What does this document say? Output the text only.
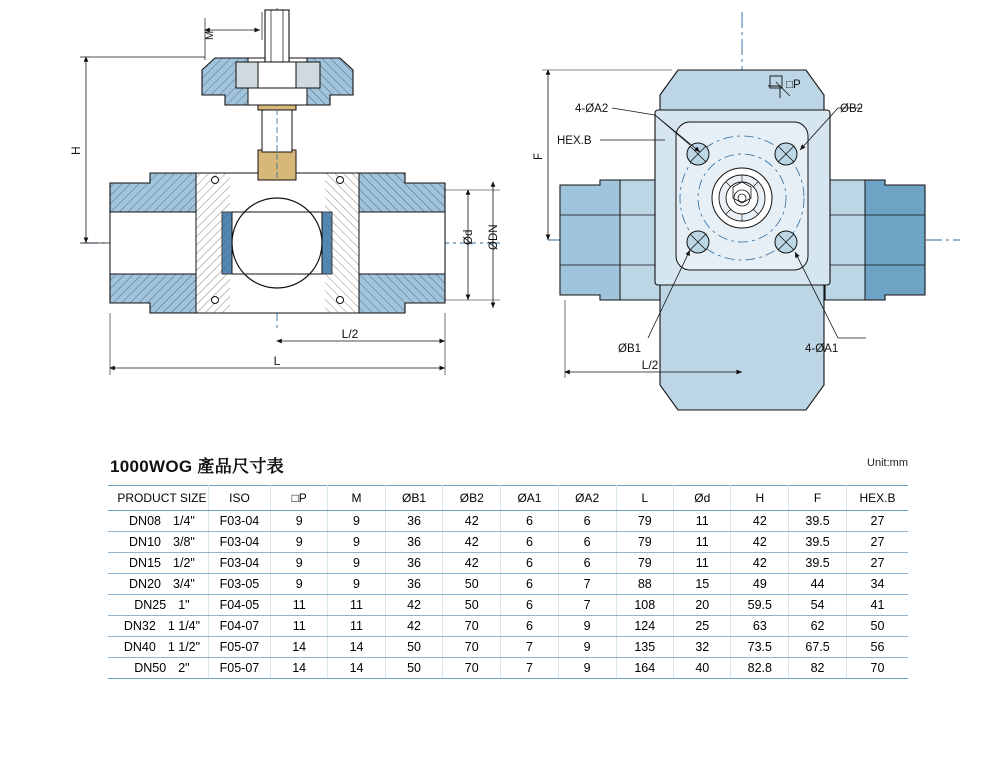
M
H
Ød ØDN
L/2
L
4-ØA2
HEX.B
ØB2
ØB1	4-ØA1
□P
F
L/2
1000WOG 產品尺寸表	Unit:mm
PRODUCT SIZE	ISO	□P	M	ØB1	ØB2	ØA1	ØA2	L	Ød	H	F	HEX.B
DN08 1/4"	F03-04	9	9	36	42	6	6	79	11	42	39.5	27
DN10 3/8"	F03-04	9	9	36	42	6	6	79	11	42	39.5	27
DN15 1/2"	F03-04	9	9	36	42	6	6	79	11	42	39.5	27
DN20 3/4"	F03-05	9	9	36	50	6	7	88	15	49	44	34
DN25 1"	F04-05	11	11	42	50	6	7	108	20	59.5	54	41
DN32 1 1/4"	F04-07	11	11	42	70	6	9	124	25	63	62	50
DN40 1 1/2"	F05-07	14	14	50	70	7	9	135	32	73.5	67.5	56
DN50 2"	F05-07	14	14	50	70	7	9	164	40	82.8	82	70
